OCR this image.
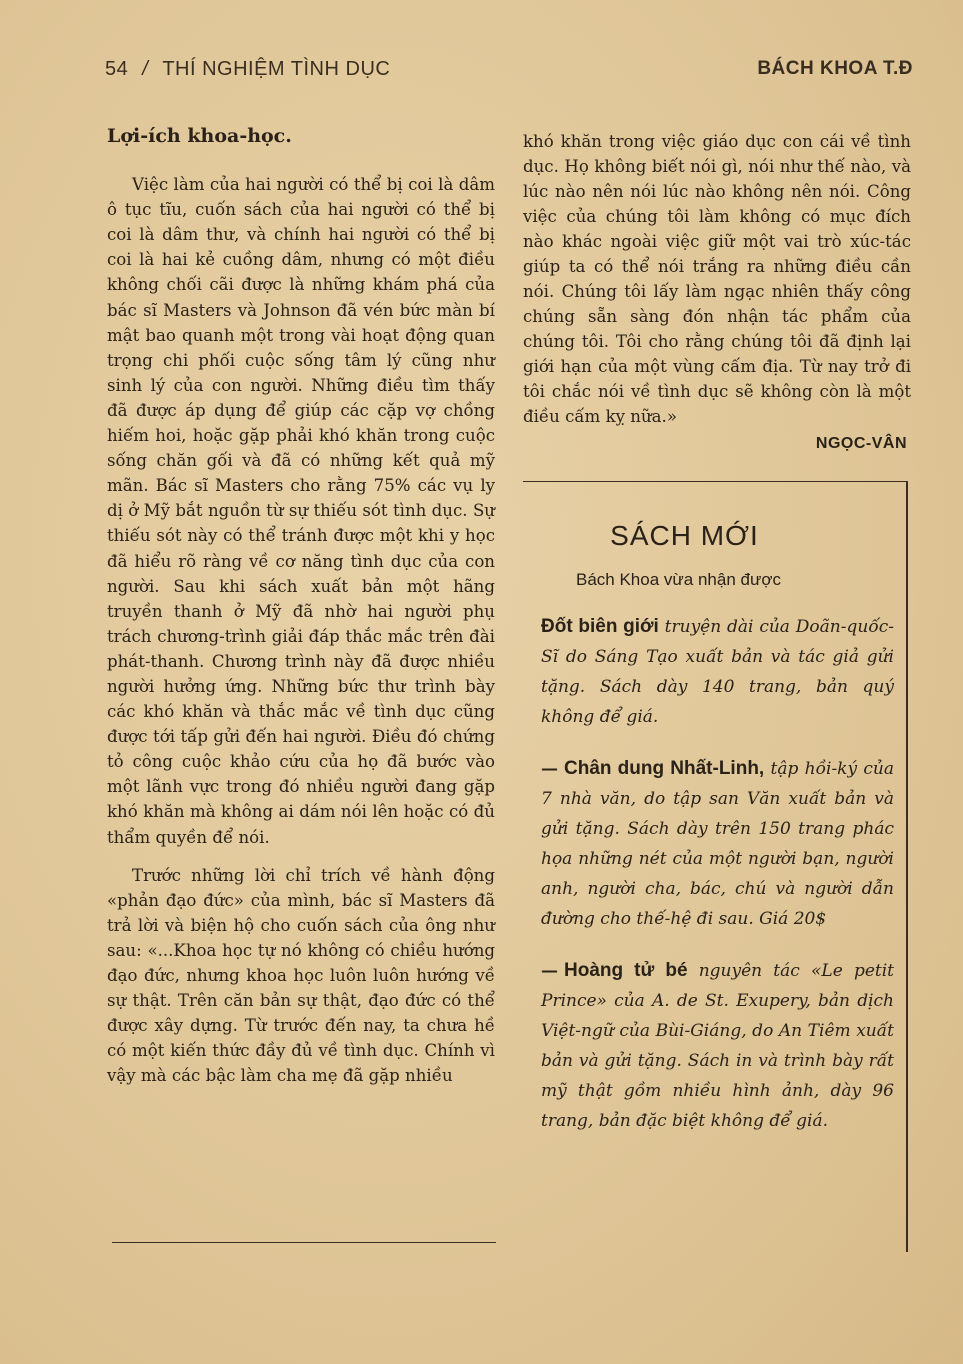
54 / THÍ NGHIỆM TÌNH DỤC	BÁCH KHOA T.Đ
Lợi-ích khoa-học.

Việc làm của hai người có thể bị coi là dâm ô tục tĩu, cuốn sách của hai người có thể bị coi là dâm thư, và chính hai người có thể bị coi là hai kẻ cuồng dâm, nhưng có một điều không chối cãi được là những khám phá của bác sĩ Masters và Johnson đã vén bức màn bí mật bao quanh một trong vài hoạt động quan trọng chi phối cuộc sống tâm lý cũng như sinh lý của con người. Những điều tìm thấy đã được áp dụng để giúp các cặp vợ chồng hiếm hoi, hoặc gặp phải khó khăn trong cuộc sống chăn gối và đã có những kết quả mỹ mãn. Bác sĩ Masters cho rằng 75% các vụ ly dị ở Mỹ bắt nguồn từ sự thiếu sót tình dục. Sự thiếu sót này có thể tránh được một khi y học đã hiểu rõ ràng về cơ năng tình dục của con người. Sau khi sách xuất bản một hãng truyền thanh ở Mỹ đã nhờ hai người phụ trách chương-trình giải đáp thắc mắc trên đài phát-thanh. Chương trình này đã được nhiều người hưởng ứng. Những bức thư trình bày các khó khăn và thắc mắc về tình dục cũng được tới tấp gửi đến hai người. Điều đó chứng tỏ công cuộc khảo cứu của họ đã bước vào một lãnh vực trong đó nhiều người đang gặp khó khăn mà không ai dám nói lên hoặc có đủ thẩm quyền để nói.

Trước những lời chỉ trích về hành động «phản đạo đức» của mình, bác sĩ Masters đã trả lời và biện hộ cho cuốn sách của ông như sau: «...Khoa học tự nó không có chiều hướng đạo đức, nhưng khoa học luôn luôn hướng về sự thật. Trên căn bản sự thật, đạo đức có thể được xây dựng. Từ trước đến nay, ta chưa hề có một kiến thức đầy đủ về tình dục. Chính vì vậy mà các bậc làm cha mẹ đã gặp nhiều

khó khăn trong việc giáo dục con cái về tình dục. Họ không biết nói gì, nói như thế nào, và lúc nào nên nói lúc nào không nên nói. Công việc của chúng tôi làm không có mục đích nào khác ngoài việc giữ một vai trò xúc-tác giúp ta có thể nói trắng ra những điều cần nói. Chúng tôi lấy làm ngạc nhiên thấy công chúng sẵn sàng đón nhận tác phẩm của chúng tôi. Tôi cho rằng chúng tôi đã định lại giới hạn của một vùng cấm địa. Từ nay trở đi tôi chắc nói về tình dục sẽ không còn là một điều cấm kỵ nữa.»

NGỌC-VÂN
SÁCH MỚI
Bách Khoa vừa nhận được
Đốt biên giới truyện dài của Doãn-quốc-Sĩ do Sáng Tạo xuất bản và tác giả gửi tặng. Sách dày 140 trang, bản quý không để giá.
— Chân dung Nhất-Linh, tập hồi-ký của 7 nhà văn, do tập san Văn xuất bản và gửi tặng. Sách dày trên 150 trang phác họa những nét của một người bạn, người anh, người cha, bác, chú và người dẫn đường cho thế-hệ đi sau. Giá 20$
— Hoàng tử bé nguyên tác «Le petit Prince» của A. de St. Exupery, bản dịch Việt-ngữ của Bùi-Giáng, do An Tiêm xuất bản và gửi tặng. Sách in và trình bày rất mỹ thật gồm nhiều hình ảnh, dày 96 trang, bản đặc biệt không để giá.
